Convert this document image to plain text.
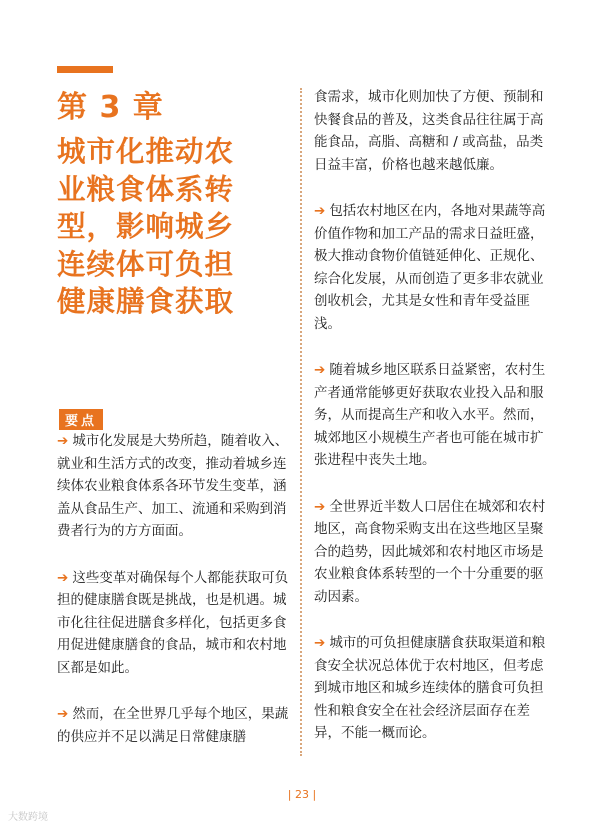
第 3 章
城市化推动农
业粮食体系转
型，影响城乡
连续体可负担
健康膳食获取
要点

➔ 城市化发展是大势所趋，随着收入、就业和生活方式的改变，推动着城乡连续体农业粮食体系各环节发生变革，涵盖从食品生产、加工、流通和采购到消费者行为的方方面面。

➔ 这些变革对确保每个人都能获取可负担的健康膳食既是挑战，也是机遇。城市化往往促进膳食多样化，包括更多食用促进健康膳食的食品，城市和农村地区都是如此。

➔ 然而，在全世界几乎每个地区，果蔬的供应并不足以满足日常健康膳

食需求，城市化则加快了方便、预制和快餐食品的普及，这类食品往往属于高能食品，高脂、高糖和 / 或高盐，品类日益丰富，价格也越来越低廉。

➔ 包括农村地区在内，各地对果蔬等高价值作物和加工产品的需求日益旺盛，极大推动食物价值链延伸化、正规化、综合化发展，从而创造了更多非农就业创收机会，尤其是女性和青年受益匪浅。

➔ 随着城乡地区联系日益紧密，农村生产者通常能够更好获取农业投入品和服务，从而提高生产和收入水平。然而，城郊地区小规模生产者也可能在城市扩张进程中丧失土地。

➔ 全世界近半数人口居住在城郊和农村地区，高食物采购支出在这些地区呈聚合的趋势，因此城郊和农村地区市场是农业粮食体系转型的一个十分重要的驱动因素。

➔ 城市的可负担健康膳食获取渠道和粮食安全状况总体优于农村地区，但考虑到城市地区和城乡连续体的膳食可负担性和粮食安全在社会经济层面存在差异，不能一概而论。

| 23 |
大数跨境
